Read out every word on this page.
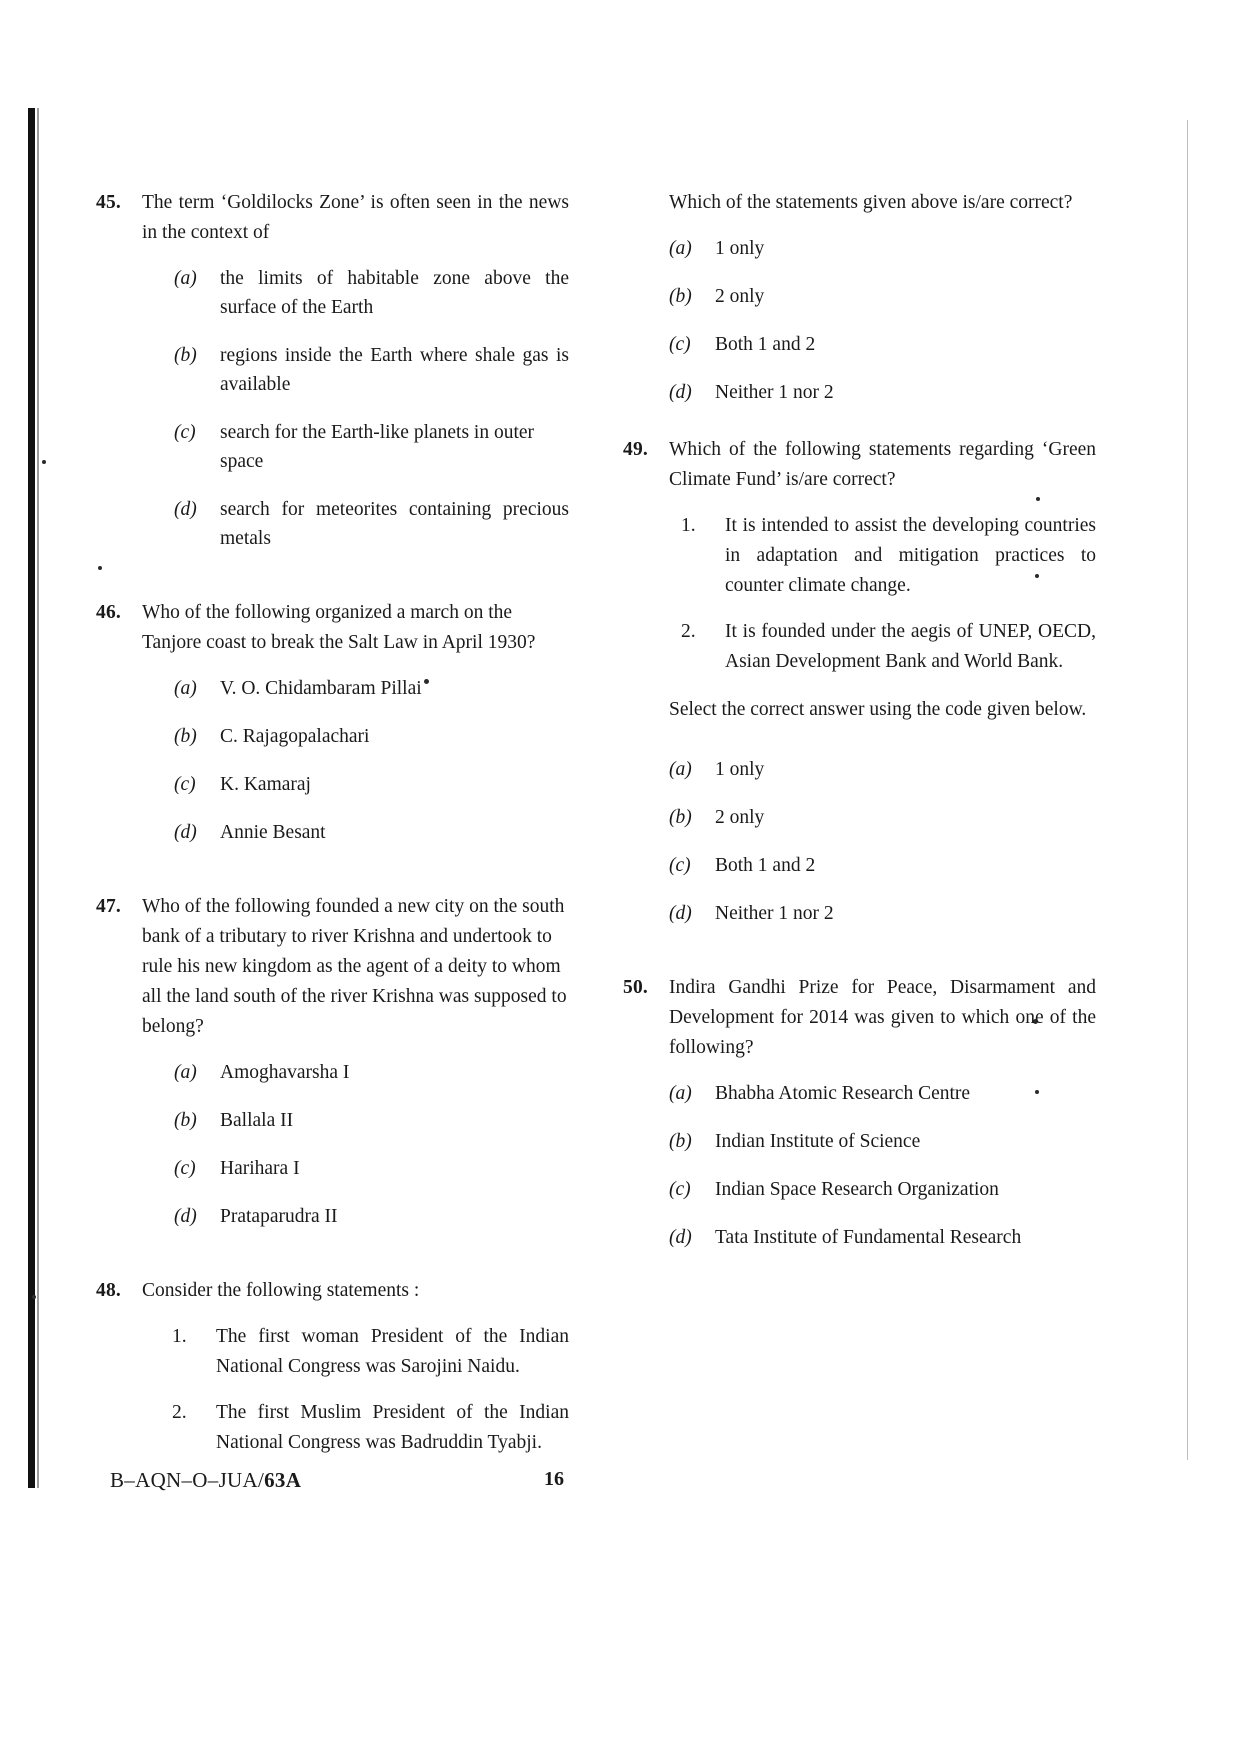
45.	The term ‘Goldilocks Zone’ is often seen in the news in the context of
(a)	the limits of habitable zone above the surface of the Earth
(b)	regions inside the Earth where shale gas is available
(c)	search for the Earth-like planets in outer space
(d)	search for meteorites containing precious metals
46.	Who of the following organized a march on the Tanjore coast to break the Salt Law in April 1930?
(a)	V. O. Chidambaram Pillai
(b)	C. Rajagopalachari
(c)	K. Kamaraj
(d)	Annie Besant
47.	Who of the following founded a new city on the south bank of a tributary to river Krishna and undertook to rule his new kingdom as the agent of a deity to whom all the land south of the river Krishna was supposed to belong?
(a)	Amoghavarsha I
(b)	Ballala II
(c)	Harihara I
(d)	Prataparudra II
48.	Consider the following statements :
1.	The first woman President of the Indian National Congress was Sarojini Naidu.
2.	The first Muslim President of the Indian National Congress was Badruddin Tyabji.
Which of the statements given above is/are correct?
(a)	1 only
(b)	2 only
(c)	Both 1 and 2
(d)	Neither 1 nor 2
49.	Which of the following statements regarding ‘Green Climate Fund’ is/are correct?
1.	It is intended to assist the developing countries in adaptation and mitigation practices to counter climate change.
2.	It is founded under the aegis of UNEP, OECD, Asian Development Bank and World Bank.
Select the correct answer using the code given below.
(a)	1 only
(b)	2 only
(c)	Both 1 and 2
(d)	Neither 1 nor 2
50.	Indira Gandhi Prize for Peace, Disarmament and Development for 2014 was given to which one of the following?
(a)	Bhabha Atomic Research Centre
(b)	Indian Institute of Science
(c)	Indian Space Research Organization
(d)	Tata Institute of Fundamental Research
B–AQN–O–JUA/63A	16
